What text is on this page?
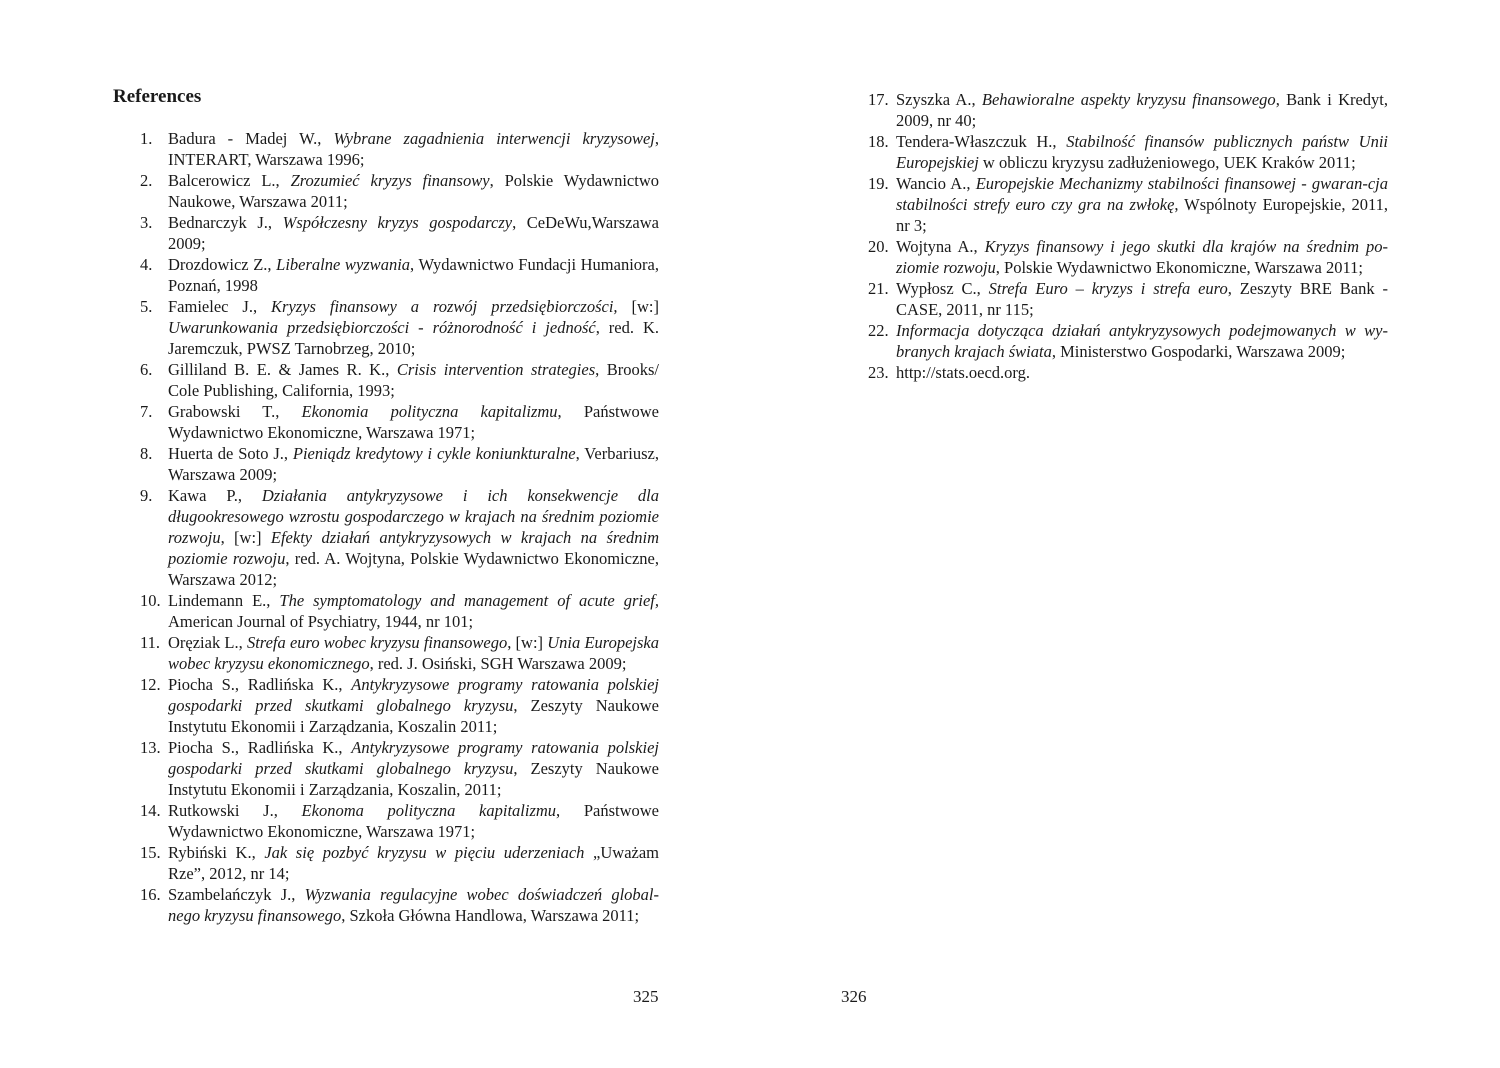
References
1. Badura - Madej W., Wybrane zagadnienia interwencji kryzysowej, INTERART, Warszawa 1996;
2. Balcerowicz L., Zrozumieć kryzys finansowy, Polskie Wydawnictwo Naukowe, Warszawa 2011;
3. Bednarczyk J., Współczesny kryzys gospodarczy, CeDeWu,Warszawa 2009;
4. Drozdowicz Z., Liberalne wyzwania, Wydawnictwo Fundacji Humaniora, Poznań, 1998
5. Famielec J., Kryzys finansowy a rozwój przedsiębiorczości, [w:] Uwarunkowania przedsiębiorczości - różnorodność i jedność, red. K. Jaremczuk, PWSZ Tarnobrzeg, 2010;
6. Gilliland B. E. & James R. K., Crisis intervention strategies, Brooks/ Cole Publishing, California, 1993;
7. Grabowski T., Ekonomia polityczna kapitalizmu, Państwowe Wydawnictwo Ekonomiczne, Warszawa 1971;
8. Huerta de Soto J., Pieniądz kredytowy i cykle koniunkturalne, Verbariusz, Warszawa 2009;
9. Kawa P., Działania antykryzysowe i ich konsekwencje dla długookresowego wzrostu gospodarczego w krajach na średnim poziomie rozwoju, [w:] Efekty działań antykryzysowych w krajach na średnim poziomie rozwoju, red. A. Wojtyna, Polskie Wydawnictwo Ekonomiczne, Warszawa 2012;
10. Lindemann E., The symptomatology and management of acute grief, American Journal of Psychiatry, 1944, nr 101;
11. Oręziak L., Strefa euro wobec kryzysu finansowego, [w:] Unia Europejska wobec kryzysu ekonomicznego, red. J. Osiński, SGH Warszawa 2009;
12. Piocha S., Radlińska K., Antykryzysowe programy ratowania polskiej gospodarki przed skutkami globalnego kryzysu, Zeszyty Naukowe Instytutu Ekonomii i Zarządzania, Koszalin 2011;
13. Piocha S., Radlińska K., Antykryzysowe programy ratowania polskiej gospodarki przed skutkami globalnego kryzysu, Zeszyty Naukowe Instytutu Ekonomii i Zarządzania, Koszalin, 2011;
14. Rutkowski J., Ekonoma polityczna kapitalizmu, Państwowe Wydawnictwo Ekonomiczne, Warszawa 1971;
15. Rybiński K., Jak się pozbyć kryzysu w pięciu uderzeniach „Uważam Rze”, 2012, nr 14;
16. Szambelańczyk J., Wyzwania regulacyjne wobec doświadczeń global-nego kryzysu finansowego, Szkoła Główna Handlowa, Warszawa 2011;

325

17. Szyszka A., Behawioralne aspekty kryzysu finansowego, Bank i Kredyt, 2009, nr 40;
18. Tendera-Właszczuk H., Stabilność finansów publicznych państw Unii Europejskiej w obliczu kryzysu zadłużeniowego, UEK Kraków 2011;
19. Wancio A., Europejskie Mechanizmy stabilności finansowej - gwaran-cja stabilności strefy euro czy gra na zwłokę, Wspólnoty Europejskie, 2011, nr 3;
20. Wojtyna A., Kryzys finansowy i jego skutki dla krajów na średnim po-ziomie rozwoju, Polskie Wydawnictwo Ekonomiczne, Warszawa 2011;
21. Wypłosz C., Strefa Euro – kryzys i strefa euro, Zeszyty BRE Bank - CASE, 2011, nr 115;
22. Informacja dotycząca działań antykryzysowych podejmowanych w wy-branych krajach świata, Ministerstwo Gospodarki, Warszawa 2009;
23. http://stats.oecd.org.

326
